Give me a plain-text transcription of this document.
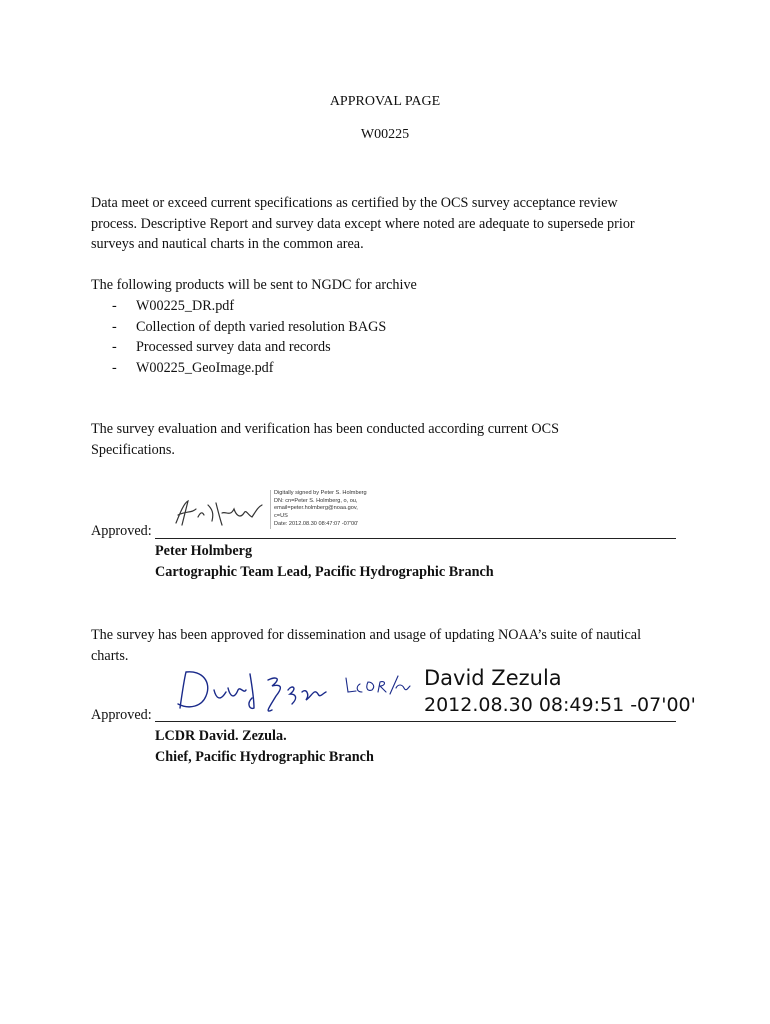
APPROVAL PAGE
W00225
Data meet or exceed current specifications as certified by the OCS survey acceptance review
process. Descriptive Report and survey data except where noted are adequate to supersede prior
surveys and nautical charts in the common area.
The following products will be sent to NGDC for archive
- W00225_DR.pdf
- Collection of depth varied resolution BAGS
- Processed survey data and records
- W00225_GeoImage.pdf
The survey evaluation and verification has been conducted according current OCS
Specifications.
Digitally signed by Peter S. Holmberg
DN: cn=Peter S. Holmberg, o, ou,
email=peter.holmberg@noaa.gov,
c=US
Date: 2012.08.30 08:47:07 -07'00'
Approved:
Peter Holmberg
Cartographic Team Lead, Pacific Hydrographic Branch
The survey has been approved for dissemination and usage of updating NOAA’s suite of nautical
charts.
David Zezula
2012.08.30 08:49:51 -07'00'
Approved:
LCDR David. Zezula.
Chief, Pacific Hydrographic Branch
